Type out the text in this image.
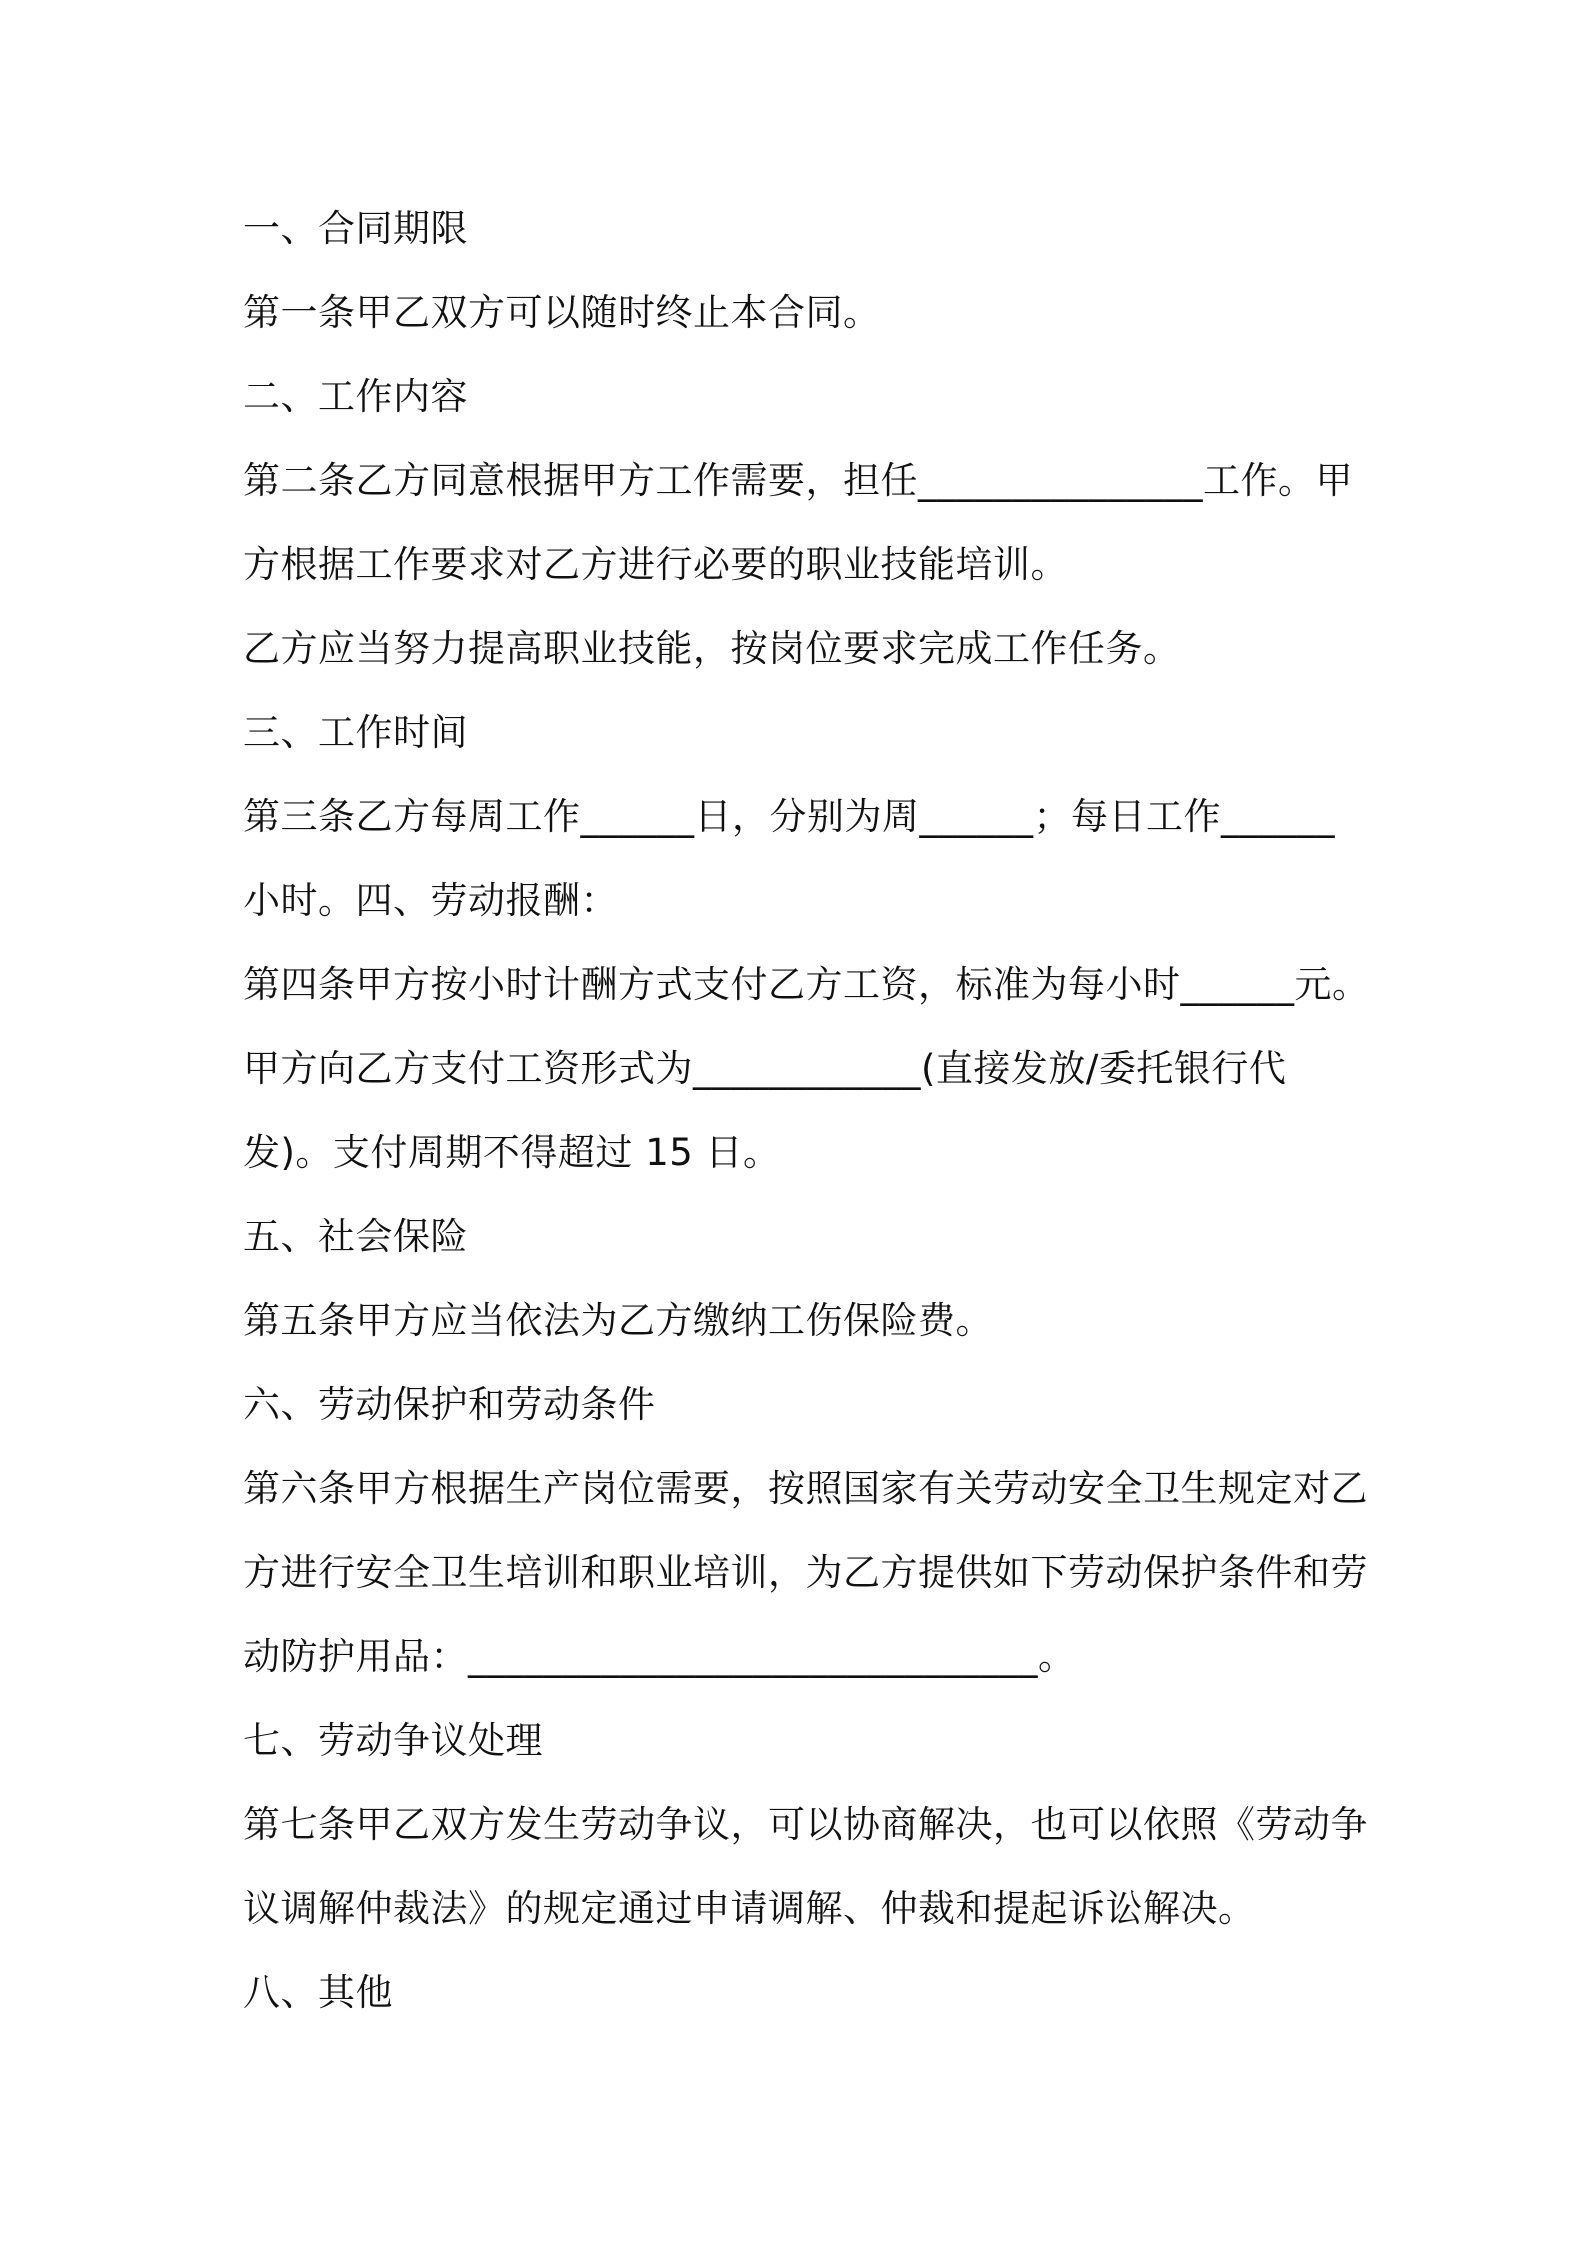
一、合同期限
第一条甲乙双方可以随时终止本合同。
二、工作内容
第二条乙方同意根据甲方工作需要，担任_______________工作。甲
方根据工作要求对乙方进行必要的职业技能培训。
乙方应当努力提高职业技能，按岗位要求完成工作任务。
三、工作时间
第三条乙方每周工作______日，分别为周______；每日工作______
小时。四、劳动报酬：
第四条甲方按小时计酬方式支付乙方工资，标准为每小时______元。
甲方向乙方支付工资形式为____________(直接发放/委托银行代
发)。支付周期不得超过 15 日。
五、社会保险
第五条甲方应当依法为乙方缴纳工伤保险费。
六、劳动保护和劳动条件
第六条甲方根据生产岗位需要，按照国家有关劳动安全卫生规定对乙
方进行安全卫生培训和职业培训，为乙方提供如下劳动保护条件和劳
动防护用品：______________________________。
七、劳动争议处理
第七条甲乙双方发生劳动争议，可以协商解决，也可以依照《劳动争
议调解仲裁法》的规定通过申请调解、仲裁和提起诉讼解决。
八、其他
